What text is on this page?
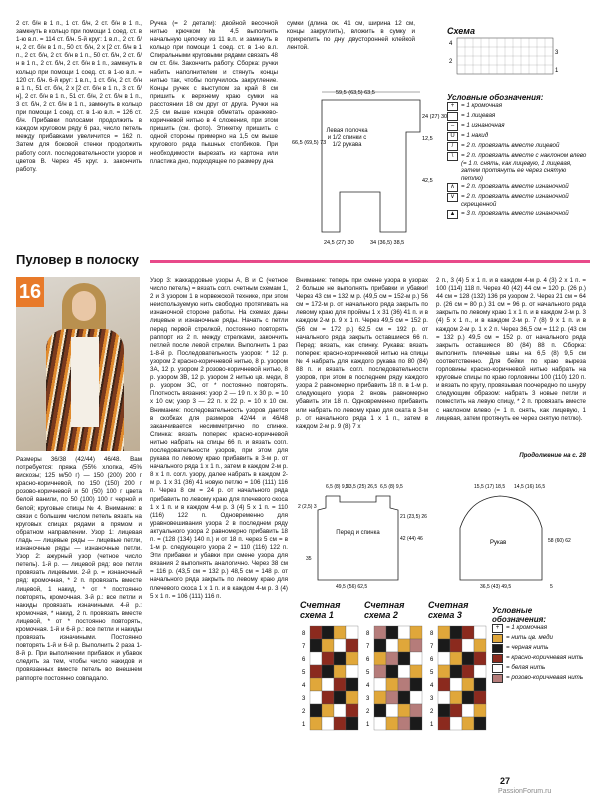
2 ст. б/н в 1 п., 1 ст. б/н, 2 ст. б/н в 1 п., замкнуть в кольцо при помощи 1 соед. ст. в 1-ю в.п. = 114 ст. б/н. 5-й круг: 1 в.п., 2 ст. б/н, 2 ст. б/н в 1 п., 50 ст. б/н, 2 х [2 ст. б/н в 1 п., 2 ст. б/н, 2 ст. б/н в 1 п., 50 ст. б/н, 2 ст. б/н в 1 п., 2 ст. б/н, 2 ст. б/н в 1 п., замкнуть в кольцо при помощи 1 соед. ст. в 1-ю в.п. = 120 ст. б/н. 6-й круг: 1 в.п., 1 ст. б/н, 2 ст. б/н в 1 п., 51 ст. б/н, 2 х [2 ст. б/н в 1 п., 3 ст. б/н], 2 ст. б/н в 1 п., 51 ст. б/н, 2 ст. б/н в 1 п., 3 ст. б/н, 2 ст. б/н в 1 п., замкнуть в кольцо при помощи 1 соед. ст. в 1-ю в.п. = 126 ст. б/н. Прибавки полосами продолжить в каждом круговом ряду 6 раз, число петель между прибавками увеличится = 162 п. Затем для боковой стенки продолжить работу согл. последовательности узоров и цветов В. Через 45 круг. з. закончить работу.

Ручка (= 2 детали): двойной веcочной нитью крючком № 4,5 выполнить начальную цепочку из 11 в.п. и замкнуть в кольцо при помощи 1 соед. ст. в 1-ю в.п. Спиральными круговыми рядами связать 48 см ст. б/н. Закончить работу. Сборка: ручки набить наполнителем и стянуть концы нитью так, чтобы получилось закругление. Концы ручек с выступом за край 8 см пришить к верхнему краю сумки на расстоянии 18 см друг от друга. Ручки на 2,5 см выше концов обметать оранжево-коричневой нитью в 4 сложения, при этом пришить (см. фото). Этикетку пришить с одной стороны примерно на 1,5 см выше кругового ряда пышных столбиков. При необходимости вырезать из картона или пластика дно, подходящее по размеру дна

сумки (длина ок. 41 см, ширина 12 см, концы закруглить), вложить в сумку и прикрепить по дну двусторонней клейкой лентой.

59,5 (63,5) 63,5
66,5 (69,5) 73
24 (27) 30
12,5
42,5
24,5 (27) 30	34 (36,5) 38,5
Левая полочка и 1/2 спинки с 1/2 рукава
Схема
4
3
2
1
Условные обозначения:
+	= 1 кромочная
= 1 лицевая
–	= 1 изнаночная
U	= 1 накид
/	= 2 п. провязать вместе лицевой
\	= 2 п. провязать вместе с наклоном влево (= 1 п. снять, как лицевую, 1 лицевая, затем протянуть ее через снятую петлю)
∧	= 2 п. провязать вместе изнаночной
∨	= 2 п. провязать вместе изнаночной скрещенной
▲ = 3 п. провязать вместе изнаночной
Пуловер в полоску
16

Размеры 36/38 (42/44) 46/48. Вам потребуется: пряжа (55% хлопка, 45% вискозы; 125 м/50 г) — 150 (200) 200 г красно-коричневой, по 150 (150) 200 г розово-коричневой и 50 (50) 100 г цвета белой ванили, по 50 (100) 100 г черной и белой; круговые спицы № 4. Внимание: в связи с большим числом петель вязать на круговых спицах рядами в прямом и обратном направлении. Узор 1: лицевая гладь — лицевые ряды — лицевые петли, изнаночные ряды — изнаночные петли. Узор 2: ажурный узор (четное число петель). 1-й р. — лицевой ряд: все петли провязать лицевыми. 2-й р. = изнаночный ряд: кромочная, * 2 п. провязать вместе лицевой, 1 накид, * от * постоянно повторять, кромочная. 3-й р.: все петли и накиды провязать изначиными. 4-й р.: кромочная, * накид, 2 п. провязать вместе лицевой, * от * постоянно повторять, кромочная. 1-й и 6-й р.: все петли и накиды провязать изначиными. Постоянно повторять 1-й и 6-й р. Выполнить 2 раза 1-8-й р. При выполнении прибавок и убавок следить за тем, чтобы число накидов и провязанных вместе петель во внешнем раппорте постоянно совпадало.

Узор 3: жаккардовые узоры А, В и С (четное число петель) = вязать согл. счетным схемам 1, 2 и 3 узором 1 в норвежской технике, при этом неиспользуемую нить свободно протягивать на изнаночной стороне работы. На схемах даны лицевые и изнаночные ряды. Начать с петли перед первой стрелкой, постоянно повторять раппорт из 2 п. между стрелками, закончить петлей после левой стрелки. Выполнить 1 раз 1-8-й р. Последовательность узоров: * 12 р. узором 2 красно-коричневой нитью, 8 р. узором 3А, 12 р. узором 2 розово-коричневой нитью, 8 р. узором 3В, 12 р. узором 2 нитью цв. меди, 8 р. узором 3С, от * постоянно повторять. Плотность вязания: узор 2 — 19 п. x 30 р. = 10 x 10 см; узор 3 — 22 п. x 22 р. = 10 x 10 см. Внимание: последовательность узоров дается в скобках для размеров 42/44 и 46/48 заканчивается несимметрично по спинке. Спинка: вязать поперек: красно-коричневой нитью набрать на спицы 66 п. и вязать согл. последовательности узоров, при этом для рукава по левому краю прибавить в 3-м р. от начального ряда 1 x 1 п., затем в каждом 2-м р. 8 x 1 п. согл. узору, далее набрать в каждом 2-м р. 1 x 31 (36) 41 новую петлю = 106 (111) 116 п. Через 8 см = 24 р. от начального ряда прибавить по левому краю для плечевого скоса 1 x 1 п. и в каждом 4-м р. 3 (4) 5 x 1 п. = 110 (116) 122 п. Одновременно для уравновешивания узора 2 в последнем ряду актуального узора 2 равномерно прибавить 18 п. = (128 (134) 140 п.) и от 18 п. через 5 см = в 1-м р. следующего узора 2 = 110 (116) 122 п. Эти прибавки и убавки при смене узора для вязания 2 выполнять аналогично. Через 38 см = 116 р. (43,5 см = 132 р.) 48,5 см = 148 р. от начального ряда закрыть по левому краю для плечевого скоса 1 x 1 п. и в каждом 4-м р. 3 (4) 5 x 1 п. = 106 (111) 116 п.

Внимание: теперь при смене узора в узорах 2 больше не выполнять прибавки и убавки! Через 43 см = 132 м р. (49,5 см = 152-м р.) 56 см = 172-м р. от начального ряда закрыть по левому краю для проймы 1 x 31 (36) 41 п. и в каждом 2-м р. 9 x 1 п. Через 49,5 см = 152 р. (56 см = 172 р.) 62,5 см = 192 р. от начального ряда закрыть оставшиеся 66 п. Перед: вязать, как спинку. Рукава: вязать поперек: красно-коричневой нитью на спицы № 4 набрать для каждого рукава по 80 (84) 88 п. и вязать согл. последовательности узоров, при этом в последнем ряду каждого узора 2 равномерно прибавить 18 п. в 1-м р. следующего узора 2 вновь равномерно убавить эти 18 п. Одновременно прибавить или набрать по левому краю для оката в 3-м р. от начального ряда 1 x 1 п., затем в каждом 2-м р. 9 (8) 7 x

2 п., 3 (4) 5 x 1 п. и в каждом 4-м р. 4 (3) 2 x 1 п. = 100 (114) 118 п. Через 40 (42) 44 см = 120 р. (26 р.) 44 см = 128 (132) 136 ря узором 2. Через 21 см = 64 р. (26 см = 80 р.) 31 см = 96 р. от начального ряда закрыть по левому краю 1 x 1 п. и в каждом 2-м р. 3 (4) 5 x 1 п., и в каждом 2-м р. 7 (8) 9 x 1 п. и в каждом 2-м р. 1 x 2 п. Через 36,5 см = 112 р. (43 см = 132 р.) 49,5 см = 152 р. от начального ряда закрыть оставшиеся 80 (84) 88 п. Сборка: выполнить плечевые швы на 6,5 (8) 9,5 см соответственно. Для бейки по краю выреза горловины красно-коричневой нитью набрать на круговые спицы по краю горловины 100 (110) 120 п. и вязать по кругу, провязывая поочередно по шнуру следующим образом: набрать 3 новые петли и поместить на левую спицу, * 2 п. провязать вместе с наклоном влево (= 1 п. снять, как лицевую, 1 лицевая, затем протянуть ее через снятую петлю).

Продолжение на с. 28
6,5 (8) 9,5
23,5 (25) 26,5 6,5 (8) 9,5
2 (2,5) 3
21 (23,5) 26
42 (44) 46
35
49,5 (56) 62,5
Перед и спинка
15,5 (17) 18,5 14,5 (16) 16,5
58 (60) 62
36,5 (43) 49,5	5
Рукав
Счетная схема 1
Счетная схема 2
Счетная схема 3
8
7
6
5
4
3
2
1
8
7
6
5
4
3
2
1
8
7
6
5
4
3
2
1
Условные обозначения:
+	= 1 кромочная
= нить цв. меди
= черная нить
= красно-коричневая нить
= белая нить
= розово-коричневая нить
27
PassionForum.ru
